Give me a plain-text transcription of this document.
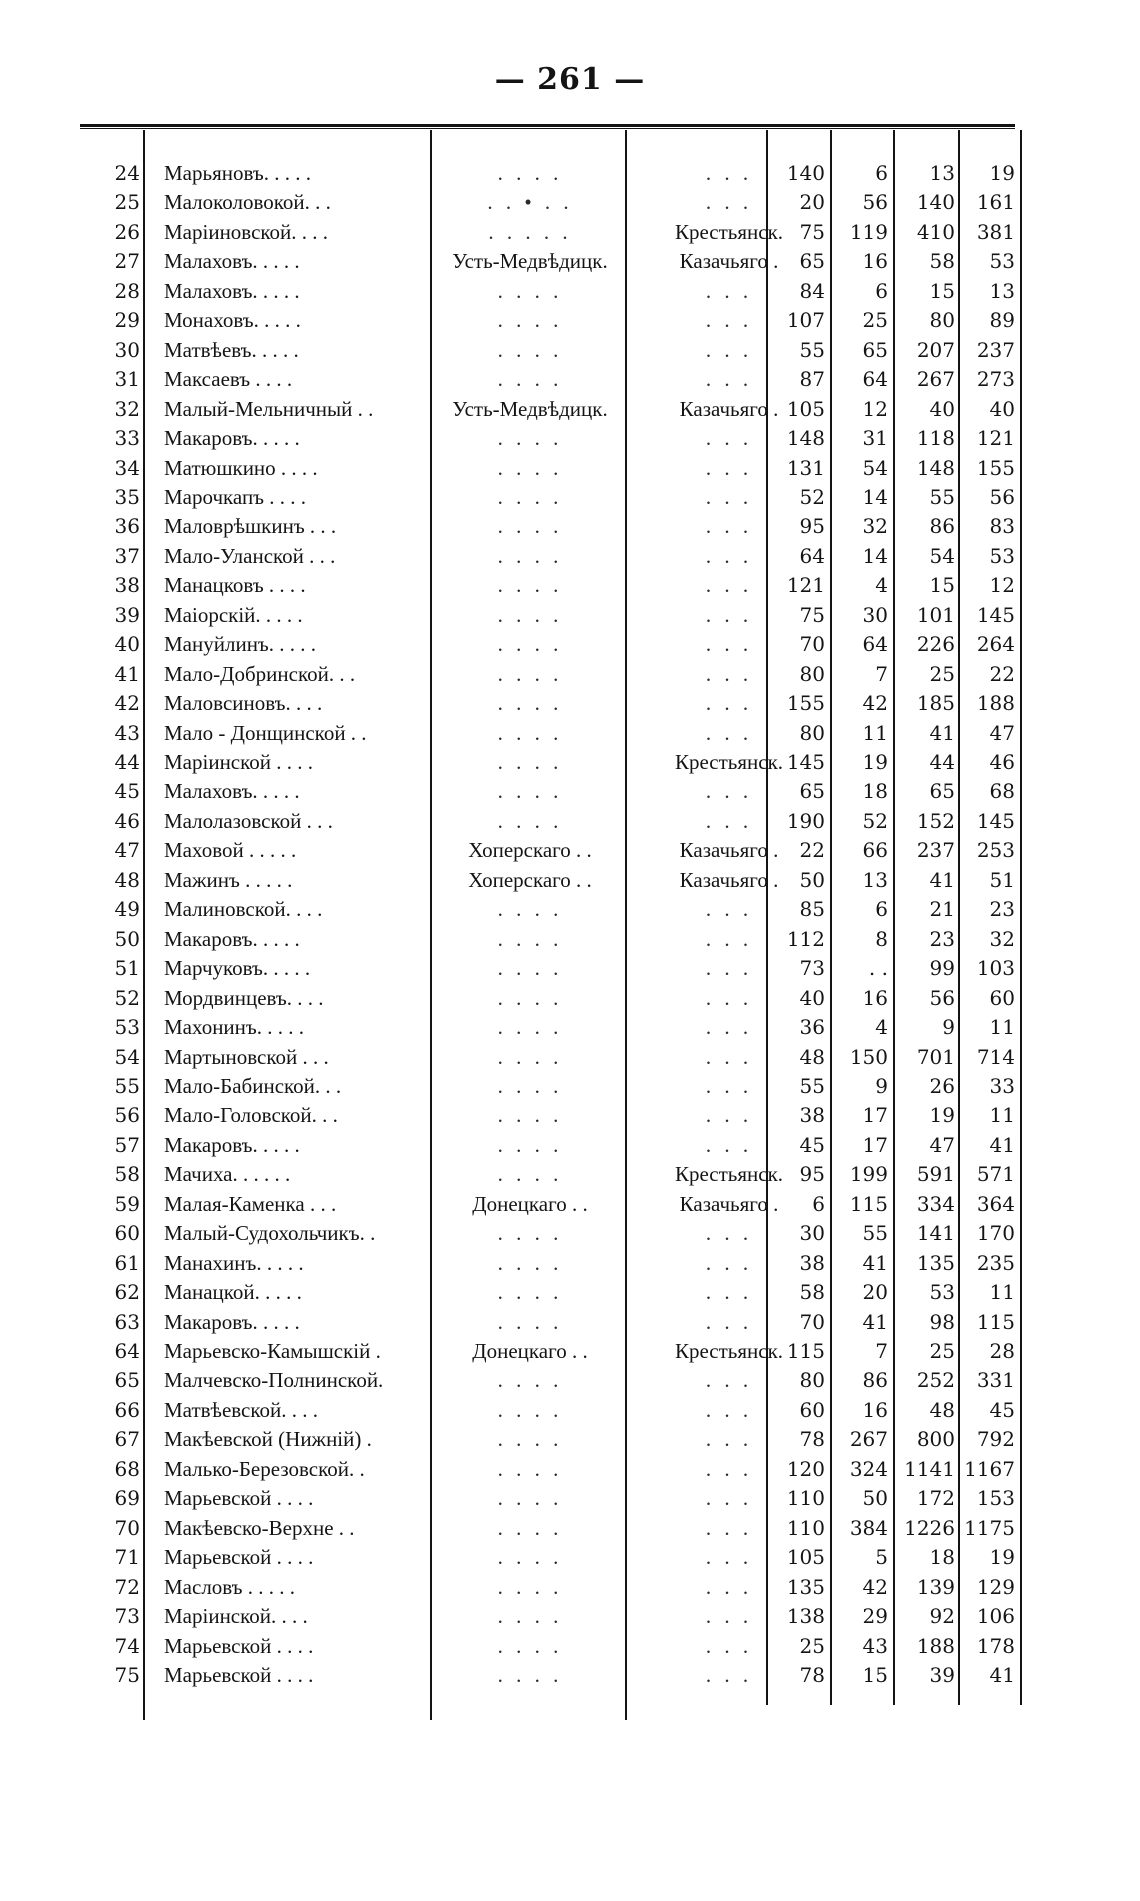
— 261 —
24 Марьяновъ. . . . .	. . . .	. . .	140	6	13	19
25 Малоколовокой. . .	. . • . .	. . .	20	56	140	161
26 Маріиновской. . . .	. . . . .	Крестьянск. 75	119	410	381
27 Малаховъ. . . . .	Усть-Медвѣдицк.	Казачьяго .	65	16	58	53
28 Малаховъ. . . . .	. . . .	. . .	84	6	15	13
29 Монаховъ. . . . .	. . . .	. . .	107	25	80	89
30 Матвѣевъ. . . . .	. . . .	. . .	55	65	207	237
31 Максаевъ . . . .	. . . .	. . .	87	64	267	273
32 Малый-Мельничный . .	Усть-Медвѣдицк.	Казачьяго . 105	12	40	40
33 Макаровъ. . . . .	. . . .	. . .	148	31	118	121
34 Матюшкино . . . .	. . . .	. . .	131	54	148	155
35 Марочкапъ . . . .	. . . .	. . .	52	14	55	56
36 Маловрѣшкинъ . . .	. . . .	. . .	95	32	86	83
37 Мало-Уланской . . .	. . . .	. . .	64	14	54	53
38 Манацковъ . . . .	. . . .	. . .	121	4	15	12
39 Маіорскій. . . . .	. . . .	. . .	75	30	101	145
40 Мануйлинъ. . . . .	. . . .	. . .	70	64	226	264
41 Мало-Добринской. . .	. . . .	. . .	80	7	25	22
42 Маловсиновъ. . . .	. . . .	. . .	155	42	185	188
43 Мало - Донщинской . .	. . . .	. . .	80	11	41	47
44 Маріинской . . . .	. . . .	Крестьянск. 145	19	44	46
45 Малаховъ. . . . .	. . . .	. . .	65	18	65	68
46 Малолазовской . . .	. . . .	. . .	190	52	152	145
47 Маховой . . . . .	Хоперскаго . .	Казачьяго .	22	66	237	253
48 Мажинъ . . . . .	Хоперскаго . .	Казачьяго .	50	13	41	51
49 Малиновской. . . .	. . . .	. . .	85	6	21	23
50 Макаровъ. . . . .	. . . .	. . .	112	8	23	32
51 Марчуковъ. . . . .	. . . .	. . .	73	. .	99	103
52 Мордвинцевъ. . . .	. . . .	. . .	40	16	56	60
53 Махонинъ. . . . .	. . . .	. . .	36	4	9	11
54 Мартыновской . . .	. . . .	. . .	48	150	701	714
55 Мало-Бабинской. . .	. . . .	. . .	55	9	26	33
56 Мало-Головской. . .	. . . .	. . .	38	17	19	11
57 Макаровъ. . . . .	. . . .	. . .	45	17	47	41
58 Мачиха. . . . . .	. . . .	Крестьянск. 95	199	591	571
59 Малая-Каменка . . .	Донецкаго . .	Казачьяго .	6	115	334	364
60 Малый-Судохольчикъ. .	. . . .	. . .	30	55	141	170
61 Манахинъ. . . . .	. . . .	. . .	38	41	135	235
62 Манацкой. . . . .	. . . .	. . .	58	20	53	11
63 Макаровъ. . . . .	. . . .	. . .	70	41	98	115
64 Марьевско-Камышскій .	Донецкаго . .	Крестьянск. 115	7	25	28
65 Малчевско-Полнинской.	. . . .	. . .	80	86	252	331
66 Матвѣевской. . . .	. . . .	. . .	60	16	48	45
67 Макѣевской (Нижній) .	. . . .	. . .	78	267	800	792
68 Малько-Березовской. .	. . . .	. . .	120	324 1141 1167
69 Марьевской . . . .	. . . .	. . .	110	50	172	153
70 Макѣевско-Верхне . .	. . . .	. . .	110	384 1226 1175
71 Марьевской . . . .	. . . .	. . .	105	5	18	19
72 Масловъ . . . . .	. . . .	. . .	135	42	139	129
73 Маріинской. . . .	. . . .	. . .	138	29	92	106
74 Марьевской . . . .	. . . .	. . .	25	43	188	178
75 Марьевской . . . .	. . . .	. . .	78	15	39	41
